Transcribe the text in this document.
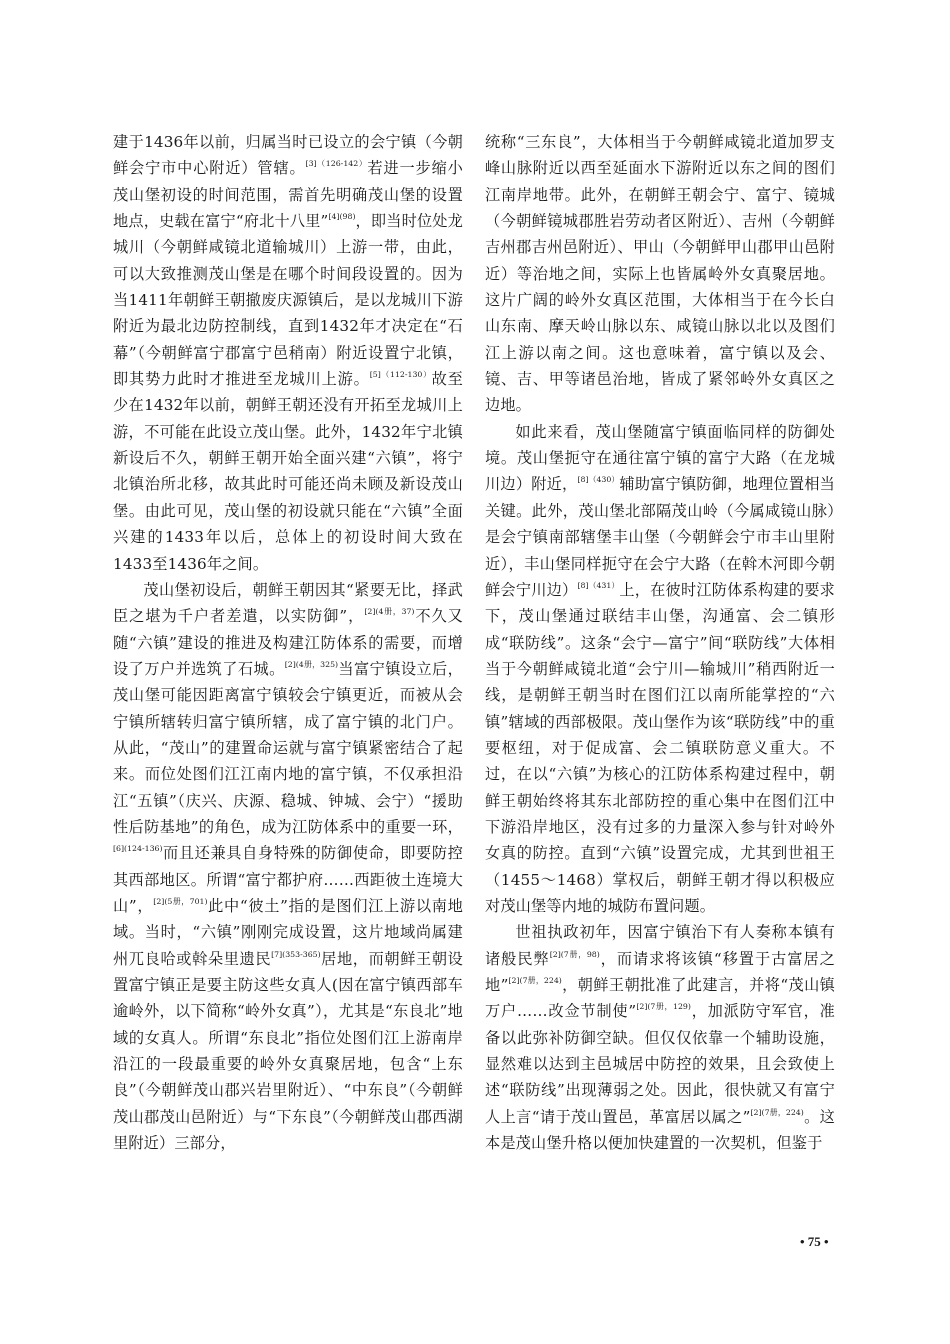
建于1436年以前，归属当时已设立的会宁镇（今朝鲜会宁市中心附近）管辖。$^{[3](126-142)}$若进一步缩小茂山堡初设的时间范围，需首先明确茂山堡的设置地点，史载在富宁“府北十八里”$^{[4](98)}$，即当时位处龙城川（今朝鲜咸镜北道输城川）上游一带，由此，可以大致推测茂山堡是在哪个时间段设置的。因为当1411年朝鲜王朝撤废庆源镇后，是以龙城川下游附近为最北边防控制线，直到1432年才决定在“石幕”（今朝鲜富宁郡富宁邑稍南）附近设置宁北镇，即其势力此时才推进至龙城川上游。$^{[5](112-130)}$故至少在1432年以前，朝鲜王朝还没有开拓至龙城川上游，不可能在此设立茂山堡。此外，1432年宁北镇新设后不久，朝鲜王朝开始全面兴建“六镇”，将宁北镇治所北移，故其此时可能还尚未顾及新设茂山堡。由此可见，茂山堡的初设就只能在“六镇”全面兴建的1433年以后，总体上的初设时间大致在1433至1436年之间。

茂山堡初设后，朝鲜王朝因其“紧要无比，择武臣之堪为千户者差遣，以实防御”，$^{[2](4册,37)}$不久又随“六镇”建设的推进及构建江防体系的需要，而增设了万户并选筑了石城。$^{[2](4册,325)}$当富宁镇设立后，茂山堡可能因距离富宁镇较会宁镇更近，而被从会宁镇所辖转归富宁镇所辖，成了富宁镇的北门户。从此，“茂山”的建置命运就与富宁镇紧密结合了起来。而位处图们江江南内地的富宁镇，不仅承担沿江“五镇”（庆兴、庆源、稳城、钟城、会宁）“援助性后防基地”的角色，成为江防体系中的重要一环，$^{[6](124-136)}$而且还兼具自身特殊的防御使命，即要防控其西部地区。所谓“富宁都护府……西距彼土连境大山”，$^{[2](5册,701)}$此中“彼土”指的是图们江上游以南地域。当时，“六镇”刚刚完成设置，这片地域尚属建州兀良哈或斡朵里遗民$^{[7](353-365)}$居地，而朝鲜王朝设置富宁镇正是要主防这些女真人(因在富宁镇西部车逾岭外，以下简称“岭外女真”），尤其是“东良北”地域的女真人。所谓“东良北”指位处图们江上游南岸沿江的一段最重要的岭外女真聚居地，包含“上东良”（今朝鲜茂山郡兴岩里附近）、“中东良”（今朝鲜茂山郡茂山邑附近）与“下东良”（今朝鲜茂山郡西湖里附近）三部分，

统称“三东良”，大体相当于今朝鲜咸镜北道加罗支峰山脉附近以西至延面水下游附近以东之间的图们江南岸地带。此外，在朝鲜王朝会宁、富宁、镜城（今朝鲜镜城郡胜岩劳动者区附近）、吉州（今朝鲜吉州郡吉州邑附近）、甲山（今朝鲜甲山郡甲山邑附近）等治地之间，实际上也皆属岭外女真聚居地。这片广阔的岭外女真区范围，大体相当于在今长白山东南、摩天岭山脉以东、咸镜山脉以北以及图们江上游以南之间。这也意味着，富宁镇以及会、镜、吉、甲等诸邑治地，皆成了紧邻岭外女真区之边地。

如此来看，茂山堡随富宁镇面临同样的防御处境。茂山堡扼守在通往富宁镇的富宁大路（在龙城川边）附近，$^{[8](430)}$辅助富宁镇防御，地理位置相当关键。此外，茂山堡北部隔茂山岭（今属咸镜山脉）是会宁镇南部辖堡丰山堡（今朝鲜会宁市丰山里附近），丰山堡同样扼守在会宁大路（在斡木河即今朝鲜会宁川边）$^{[8](431)}$上，在彼时江防体系构建的要求下，茂山堡通过联结丰山堡，沟通富、会二镇形成“联防线”。这条“会宁—富宁”间“联防线”大体相当于今朝鲜咸镜北道“会宁川—输城川”稍西附近一线，是朝鲜王朝当时在图们江以南所能掌控的“六镇”辖域的西部极限。茂山堡作为该“联防线”中的重要枢纽，对于促成富、会二镇联防意义重大。不过，在以“六镇”为核心的江防体系构建过程中，朝鲜王朝始终将其东北部防控的重心集中在图们江中下游沿岸地区，没有过多的力量深入参与针对岭外女真的防控。直到“六镇”设置完成，尤其到世祖王（1455～1468）掌权后，朝鲜王朝才得以积极应对茂山堡等内地的城防布置问题。

世祖执政初年，因富宁镇治下有人奏称本镇有诸般民弊$^{[2](7册,98)}$，而请求将该镇“移置于古富居之地”$^{[2](7册,224)}$，朝鲜王朝批准了此建言，并将“茂山镇万户……改佥节制使”$^{[2](7册,129)}$，加派防守军官，准备以此弥补防御空缺。但仅仅依靠一个辅助设施，显然难以达到主邑城居中防控的效果，且会致使上述“联防线”出现薄弱之处。因此，很快就又有富宁人上言“请于茂山置邑，革富居以属之”$^{[2](7册,224)}$。这本是茂山堡升格以便加快建置的一次契机，但鉴于

• 75 •
